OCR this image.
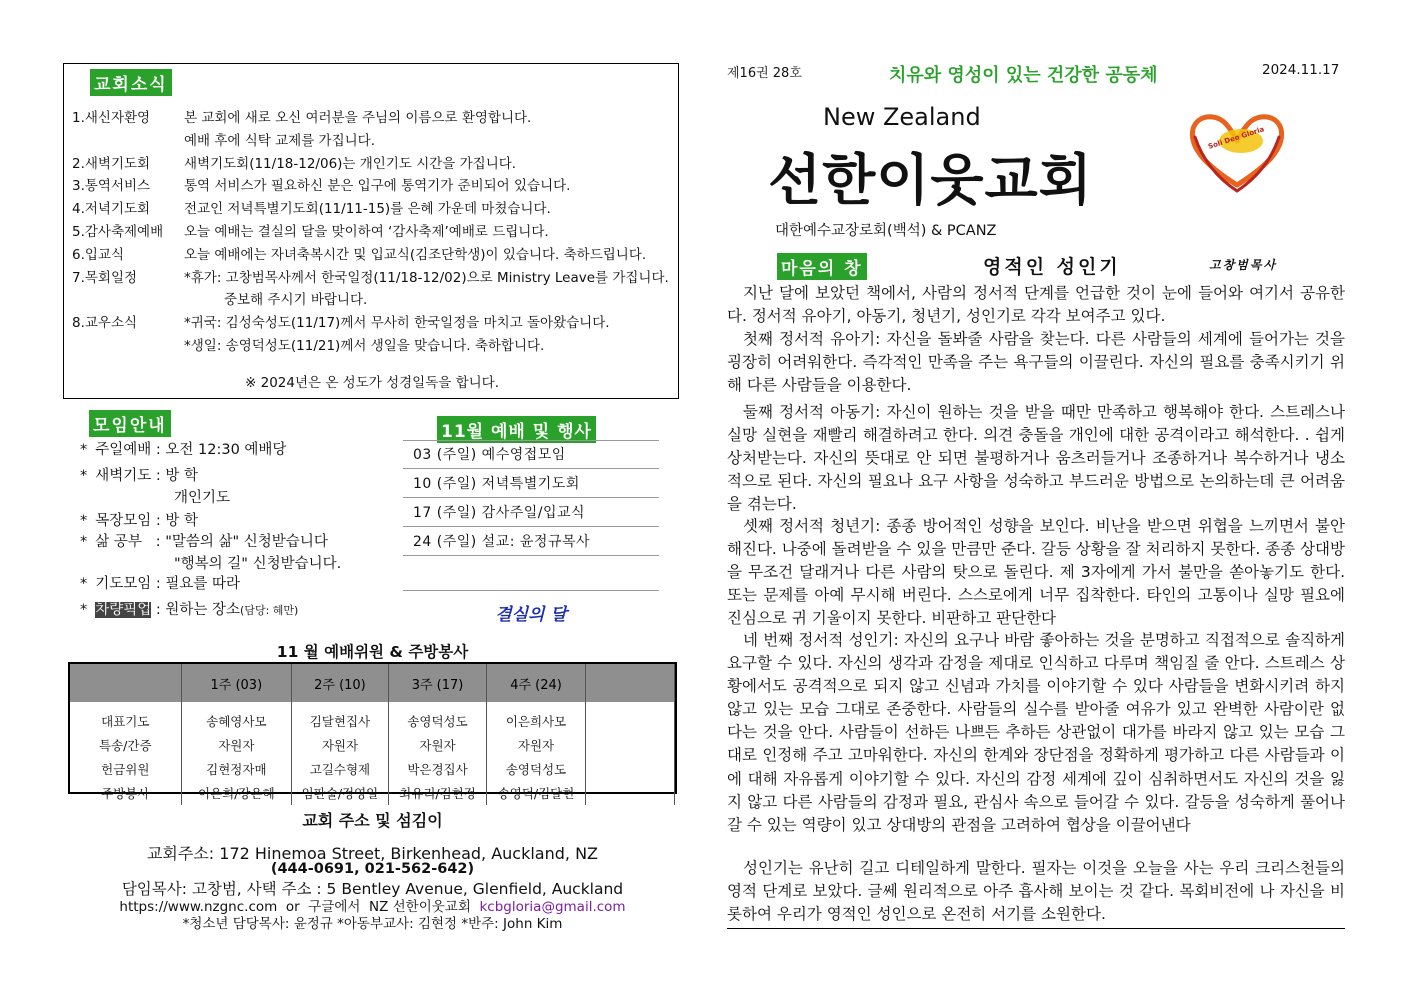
교회소식
※ 2024년은 온 성도가 성경일독을 합니다.
1.새신자환영	본 교회에 새로 오신 여러분을 주님의 이름으로 환영합니다.
예배 후에 식탁 교제를 가집니다.
2.새벽기도회	새벽기도회(11/18-12/06)는 개인기도 시간을 가집니다.
3.통역서비스	통역 서비스가 필요하신 분은 입구에 통역기가 준비되어 있습니다.
4.저녁기도회	전교인 저녁특별기도회(11/11-15)를 은혜 가운데 마쳤습니다.
5.감사축제예배 오늘 예배는 결실의 달을 맞이하여 ‘감사축제’예배로 드립니다.
6.입교식	오늘 예배에는 자녀축복시간 및 입교식(김조단학생)이 있습니다. 축하드립니다.
7.목회일정	*휴가: 고창범목사께서 한국일정(11/18-12/02)으로 Ministry Leave를 가집니다.
중보해 주시기 바랍니다.
8.교우소식	*귀국: 김성숙성도(11/17)께서 무사히 한국일정을 마치고 돌아왔습니다.
*생일: 송영덕성도(11/21)께서 생일을 맞습니다. 축하합니다.
모임안내
* 주일예배 : 오전 12:30 예배당
* 새벽기도 : 방 학
개인기도
* 목장모임 : 방 학
* 삶 공부   : "말씀의 삶" 신청받습니다
"행복의 길" 신청받습니다.
* 기도모임 : 필요를 따라
* 차량픽업 : 원하는 장소(담당: 혜만)
11월 예배 및 행사
03 (주일) 예수영접모임
10 (주일) 저녁특별기도회
17 (주일) 감사주일/입교식
24 (주일) 설교: 윤정규목사
결실의 달
11 월 예배위원 & 주방봉사
	1주 (03)	2주 (10)	3주 (17)	4주 (24)	
대표기도	송혜영사모	김달현집사	송영덕성도	이은희사모	
특송/간증	자원자	자원자	자원자	자원자	
헌금위원	김현정자매	고길수형제	박은경집사	송영덕성도	
주방봉사	이은희/장은혜	임판술/정영일	최유리/김현정	송영덕/김달현	
교회 주소 및 섬김이
교회주소: 172 Hinemoa Street, Birkenhead, Auckland, NZ
(444-0691, 021-562-642)
담임목사: 고창범, 사택 주소 : 5 Bentley Avenue, Glenfield, Auckland
https://www.nzgnc.com  or  구글에서  NZ 선한이웃교회  kcbgloria@gmail.com
*청소년 담당목사: 윤정규 *아동부교사: 김현정 *반주: John Kim
제16권 28호	치유와 영성이 있는 건강한 공동체	2024.11.17
New Zealand
선한이웃교회
대한예수교장로회(백석) & PCANZ
Soli Deo Gloria
마음의 창	영적인 성인기	고창범목사
지난 달에 보았던 책에서, 사람의 정서적 단계를 언급한 것이 눈에 들어와 여기서 공유한다. 정서적 유아기, 아동기, 청년기, 성인기로 각각 보여주고 있다.
첫째 정서적 유아기: 자신을 돌봐줄 사람을 찾는다. 다른 사람들의 세계에 들어가는 것을 굉장히 어려워한다. 즉각적인 만족을 주는 욕구들의 이끌린다. 자신의 필요를 충족시키기 위해 다른 사람들을 이용한다.
둘째 정서적 아동기: 자신이 원하는 것을 받을 때만 만족하고 행복해야 한다. 스트레스나 실망 실현을 재빨리 해결하려고 한다. 의견 충돌을 개인에 대한 공격이라고 해석한다. . 쉽게 상처받는다. 자신의 뜻대로 안 되면 불평하거나 움츠러들거나 조종하거나 복수하거나 냉소적으로 된다. 자신의 필요나 요구 사항을 성숙하고 부드러운 방법으로 논의하는데 큰 어려움을 겪는다.
셋째 정서적 청년기: 종종 방어적인 성향을 보인다. 비난을 받으면 위협을 느끼면서 불안해진다. 나중에 돌려받을 수 있을 만큼만 준다. 갈등 상황을 잘 처리하지 못한다. 종종 상대방을 무조건 달래거나 다른 사람의 탓으로 돌린다. 제 3자에게 가서 불만을 쏟아놓기도 한다. 또는 문제를 아예 무시해 버린다. 스스로에게 너무 집착한다. 타인의 고통이나 실망 필요에 진심으로 귀 기울이지 못한다. 비판하고 판단한다
네 번째 정서적 성인기: 자신의 요구나 바람 좋아하는 것을 분명하고 직접적으로 솔직하게 요구할 수 있다. 자신의 생각과 감정을 제대로 인식하고 다루며 책임질 줄 안다. 스트레스 상황에서도 공격적으로 되지 않고 신념과 가치를 이야기할 수 있다 사람들을 변화시키려 하지 않고 있는 모습 그대로 존중한다. 사람들의 실수를 받아줄 여유가 있고 완벽한 사람이란 없다는 것을 안다. 사람들이 선하든 나쁘든 추하든 상관없이 대가를 바라지 않고 있는 모습 그대로 인정해 주고 고마워한다. 자신의 한계와 장단점을 정확하게 평가하고 다른 사람들과 이에 대해 자유롭게 이야기할 수 있다. 자신의 감정 세계에 깊이 심취하면서도 자신의 것을 잃지 않고 다른 사람들의 감정과 필요, 관심사 속으로 들어갈 수 있다. 갈등을 성숙하게 풀어나갈 수 있는 역량이 있고 상대방의 관점을 고려하여 협상을 이끌어낸다
성인기는 유난히 길고 디테일하게 말한다. 필자는 이것을 오늘을 사는 우리 크리스천들의 영적 단계로 보았다. 글쎄 원리적으로 아주 흡사해 보이는 것 같다. 목회비전에 나 자신을 비롯하여 우리가 영적인 성인으로 온전히 서기를 소원한다.
